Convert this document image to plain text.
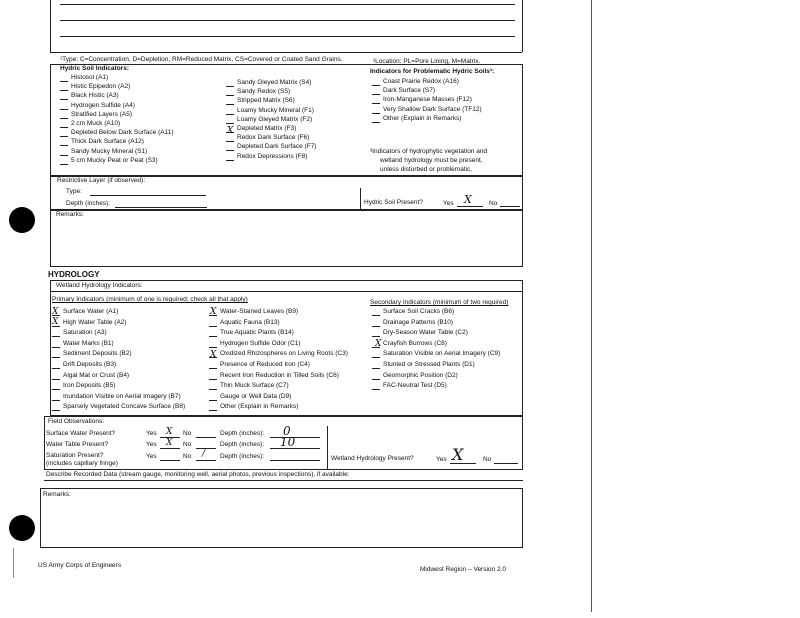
¹Type: C=Concentration, D=Depletion, RM=Reduced Matrix, CS=Covered or Coated Sand Grains.	²Location: PL=Pore Lining, M=Matrix.
Hydric Soil Indicators:	Indicators for Problematic Hydric Soils³:
Histosol (A1)
Histic Epipedon (A2)
Black Histic (A3)
Hydrogen Sulfide (A4)
Stratified Layers (A5)
2 cm Muck (A10)
Depleted Below Dark Surface (A11)
Thick Dark Surface (A12)
Sandy Mucky Mineral (S1)
5 cm Mucky Peat or Peat (S3)
Sandy Gleyed Matrix (S4)
Sandy Redox (S5)
Stripped Matrix (S6)
Loamy Mucky Mineral (F1)
Loamy Gleyed Matrix (F2)
Depleted Matrix (F3)
Redox Dark Surface (F6)
Depleted Dark Surface (F7)
Redox Depressions (F8)
Coast Prairie Redox (A16)
Dark Surface (S7)
Iron-Manganese Masses (F12)
Very Shallow Dark Surface (TF12)
Other (Explain in Remarks)
X
³Indicators of hydrophytic vegetation and
wetland hydrology must be present,
unless disturbed or problematic.
Restrictive Layer (if observed):
Type:
Depth (inches):	Hydric Soil Present?	Yes X	No
Remarks:
HYDROLOGY
Wetland Hydrology Indicators:
Primary Indicators (minimum of one is required; check all that apply)	Secondary Indicators (minimum of two required)
Surface Water (A1)
High Water Table (A2)
Saturation (A3)
Water Marks (B1)
Sediment Deposits (B2)
Drift Deposits (B3)
Algal Mat or Crust (B4)
Iron Deposits (B5)
Inundation Visible on Aerial Imagery (B7)
Sparsely Vegetated Concave Surface (B8)
Water-Stained Leaves (B9)
Aquatic Fauna (B13)
True Aquatic Plants (B14)
Hydrogen Sulfide Odor (C1)
Oxidized Rhizospheres on Living Roots (C3)
Presence of Reduced Iron (C4)
Recent Iron Reduction in Tilled Soils (C6)
Thin Muck Surface (C7)
Gauge or Well Data (D9)
Other (Explain in Remarks)
Surface Soil Cracks (B6)
Drainage Patterns (B10)
Dry-Season Water Table (C2)
Crayfish Burrows (C8)
Saturation Visible on Aerial Imagery (C9)
Stunted or Stressed Plants (D1)
Geomorphic Position (D2)
FAC-Neutral Test (D5)
X
X
X
X
X
Field Observations:
Surface Water Present?	Yes X No	Depth (inches): 0
Water Table Present?	Yes X No	Depth (inches): 10
Saturation Present?
(includes capillary fringe)
Yes	No / Depth (inches):	Wetland Hydrology Present?	Yes X	No
Describe Recorded Data (stream gauge, monitoring well, aerial photos, previous inspections), if available:
Remarks:
US Army Corps of Engineers
Midwest Region – Version 2.0
